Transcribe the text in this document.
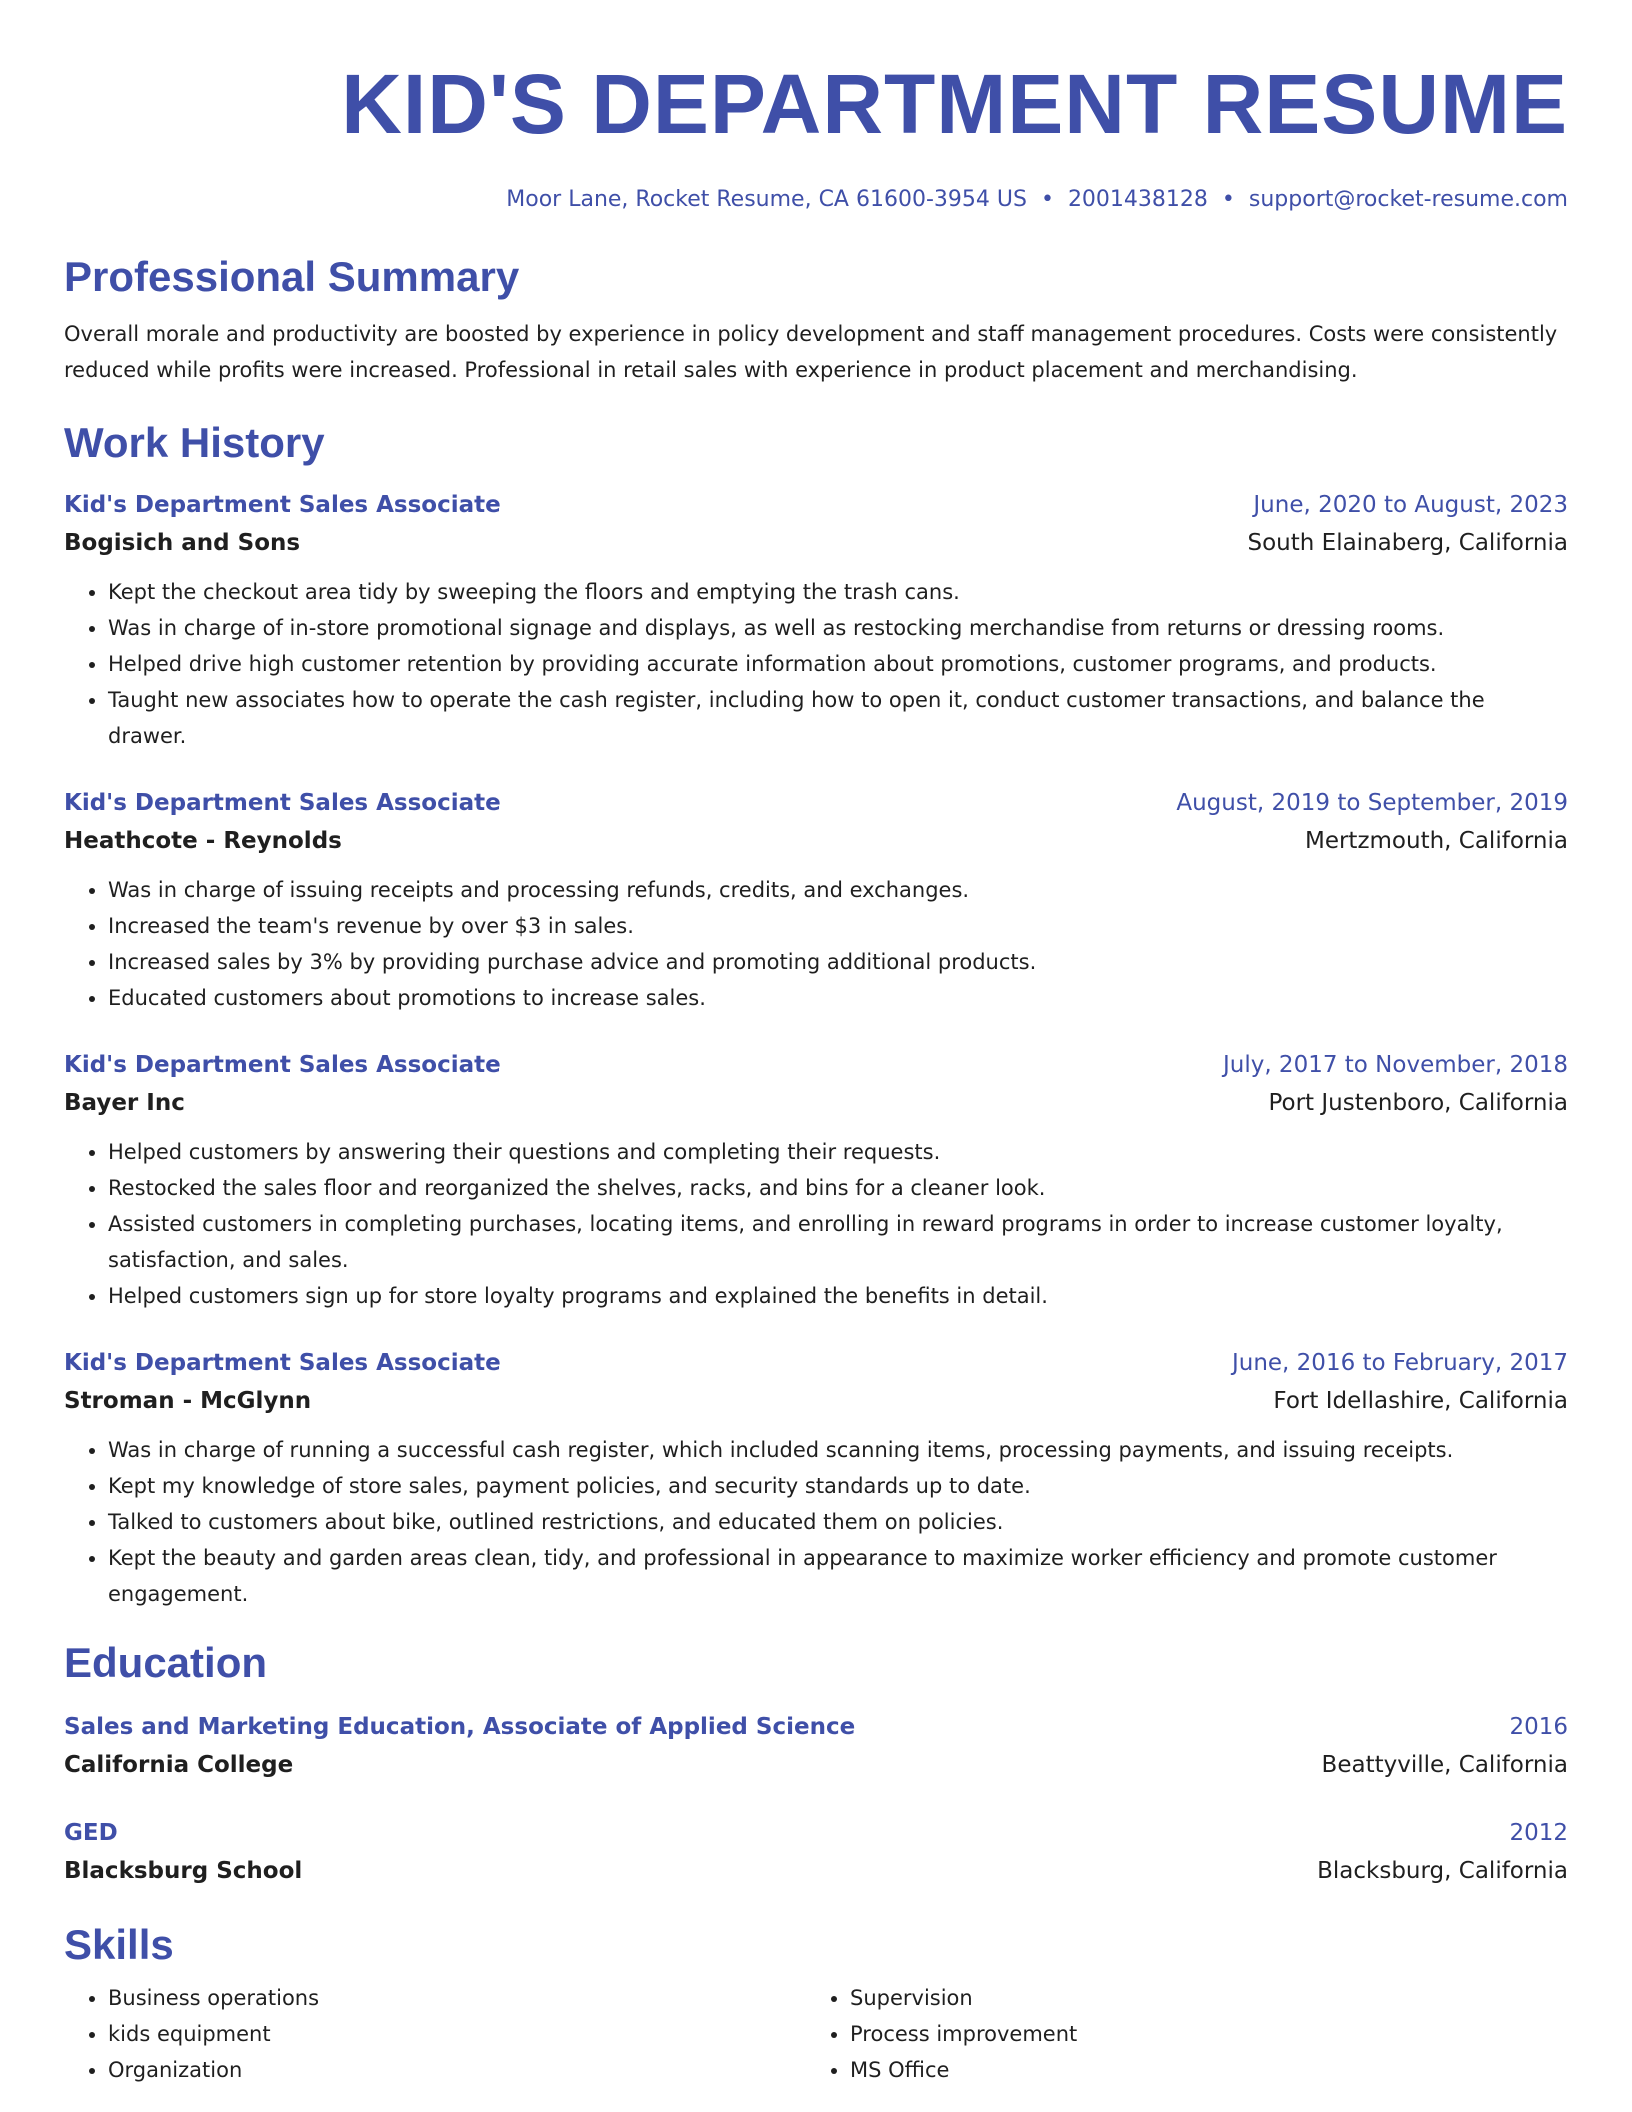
KID'S DEPARTMENT RESUME
Moor Lane, Rocket Resume, CA 61600-3954 US • 2001438128 • support@rocket-resume.com
Professional Summary

Overall morale and productivity are boosted by experience in policy development and staff management procedures. Costs were consistently reduced while profits were increased. Professional in retail sales with experience in product placement and merchandising.

Work History
Kid's Department Sales Associate	June, 2020 to August, 2023
Bogisich and Sons	South Elainaberg, California
• Kept the checkout area tidy by sweeping the floors and emptying the trash cans.
• Was in charge of in-store promotional signage and displays, as well as restocking merchandise from returns or dressing rooms.
• Helped drive high customer retention by providing accurate information about promotions, customer programs, and products.
• Taught new associates how to operate the cash register, including how to open it, conduct customer transactions, and balance the drawer.
Kid's Department Sales Associate	August, 2019 to September, 2019
Heathcote - Reynolds	Mertzmouth, California
• Was in charge of issuing receipts and processing refunds, credits, and exchanges.
• Increased the team's revenue by over $3 in sales.
• Increased sales by 3% by providing purchase advice and promoting additional products.
• Educated customers about promotions to increase sales.
Kid's Department Sales Associate	July, 2017 to November, 2018
Bayer Inc	Port Justenboro, California
• Helped customers by answering their questions and completing their requests.
• Restocked the sales floor and reorganized the shelves, racks, and bins for a cleaner look.
• Assisted customers in completing purchases, locating items, and enrolling in reward programs in order to increase customer loyalty, satisfaction, and sales.
• Helped customers sign up for store loyalty programs and explained the benefits in detail.
Kid's Department Sales Associate	June, 2016 to February, 2017
Stroman - McGlynn	Fort Idellashire, California
• Was in charge of running a successful cash register, which included scanning items, processing payments, and issuing receipts.
• Kept my knowledge of store sales, payment policies, and security standards up to date.
• Talked to customers about bike, outlined restrictions, and educated them on policies.
• Kept the beauty and garden areas clean, tidy, and professional in appearance to maximize worker efficiency and promote customer engagement.
Education
Sales and Marketing Education, Associate of Applied Science	2016
California College	Beattyville, California
GED	2012
Blacksburg School	Blacksburg, California
Skills
• Business operations
• kids equipment
• Organization
• Supervision
• Process improvement
• MS Office
